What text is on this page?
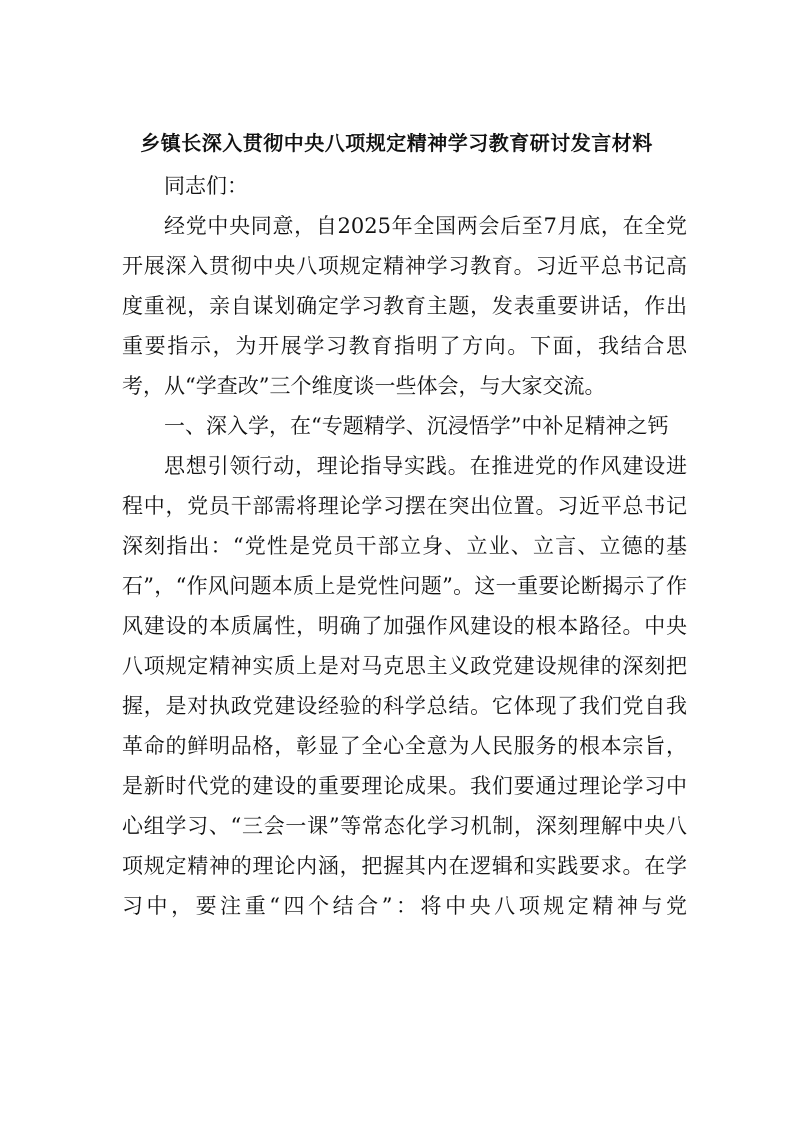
乡镇长深入贯彻中央八项规定精神学习教育研讨发言材料

同志们：

经党中央同意，自2025年全国两会后至7月底，在全党开展深入贯彻中央八项规定精神学习教育。习近平总书记高度重视，亲自谋划确定学习教育主题，发表重要讲话，作出重要指示，为开展学习教育指明了方向。下面，我结合思考，从“学查改”三个维度谈一些体会，与大家交流。

一、深入学，在“专题精学、沉浸悟学”中补足精神之钙

思想引领行动，理论指导实践。在推进党的作风建设进程中，党员干部需将理论学习摆在突出位置。习近平总书记深刻指出：“党性是党员干部立身、立业、立言、立德的基石”，“作风问题本质上是党性问题”。这一重要论断揭示了作风建设的本质属性，明确了加强作风建设的根本路径。中央八项规定精神实质上是对马克思主义政党建设规律的深刻把握，是对执政党建设经验的科学总结。它体现了我们党自我革命的鲜明品格，彰显了全心全意为人民服务的根本宗旨，是新时代党的建设的重要理论成果。我们要通过理论学习中心组学习、“三会一课”等常态化学习机制，深刻理解中央八项规定精神的理论内涵，把握其内在逻辑和实践要求。在学习中，要注重“四个结合”：将中央八项规定精神与党
